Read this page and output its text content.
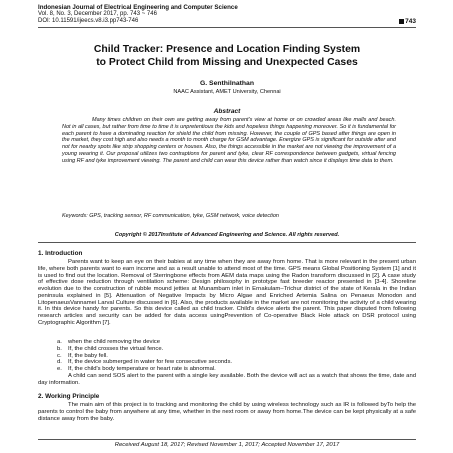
Indonesian Journal of Electrical Engineering and Computer Science
Vol. 8, No. 3, December 2017, pp. 743 ~ 746
DOI: 10.11591/ijeecs.v8.i3.pp743-746	743
Child Tracker: Presence and Location Finding System
to Protect Child from Missing and Unexpected Cases
G. Senthilnathan
NAAC Assistant, AMET University, Chennai
Abstract
Many times children on their own are getting away from parent's view at home or on crowded areas like malls and beach. Not in all cases, but rather from time to time it is unpretentious the kids and hopeless things happening moreover. So it is fundamental for each parent to have a dominating reaction for shield the child from missing. However, the couple of GPS based after things are open in the market, they cost high and also needs a month to month charge for GSM advantage. Energize GPS is significant for outside after and not for nearby spots like strip shopping centers or houses. Also, the things accessible in the market are not viewing the improvement of a young wearing it. Our proposal utilizes two contraptions for parent and tyke, clear RF correspondence between gadgets, virtual fencing using RF and tyke improvement viewing. The parent and child can wear this device rather than watch since it displays time data to them.
Keywords: GPS, tracking sensor, RF communication, tyke, GSM network, voice detection
Copyright © 2017Institute of Advanced Engineering and Science. All rights reserved.
1. Introduction
Parents want to keep an eye on their babies at any time when they are away from home. That is more relevant in the present urban life, where both parents want to earn income and as a result unable to attend most of the time. GPS means Global Positioning System [1] and it is used to find out the location. Removal of Sterringbone effects from AEM data maps using the Radon transform discussed in [2]. A case study of effective dose reduction through ventilation scheme: Design philosophy in prototype fast breeder reactor presented in [3-4]. Shoreline evolution due to the construction of rubble mound jetties at Munambam inlet in Ernakulam–Trichur district of the state of Kerala in the Indian peninsula explained in [5]. Attenuation of Negative Impacts by Micro Algae and Enriched Artemia Salina on Penaeus Monodon and LitopenaeusVannamei Larval Culture discussed in [6]. Also, the products available in the market are not monitoring the activity of a child wearing it. In this device handy for parents. So this device called as child tracker. Child's device alerts the parent. This paper disputed from following research articles and security can be added for data access usingPrevention of Co-operative Black Hole attack on DSR protocol using Cryptographic Algorithm [7].
a. when the child removing the device
b. If, the child crosses the virtual fence.
c. If, the baby fell.
d. If, the device submerged in water for few consecutive seconds.
e. If, the child's body temperature or heart rate is abnormal.
A child can send SOS alert to the parent with a single key available. Both the device will act as a watch that shows the time, date and day information.
2. Working Principle
The main aim of this project is to tracking and monitoring the child by using wireless technology such as IR is followed byTo help the parents to control the baby from anywhere at any time, whether in the next room or away from home.The device can be kept physically at a safe distance away from the baby.
Received August 18, 2017; Revised November 1, 2017; Accepted November 17, 2017
